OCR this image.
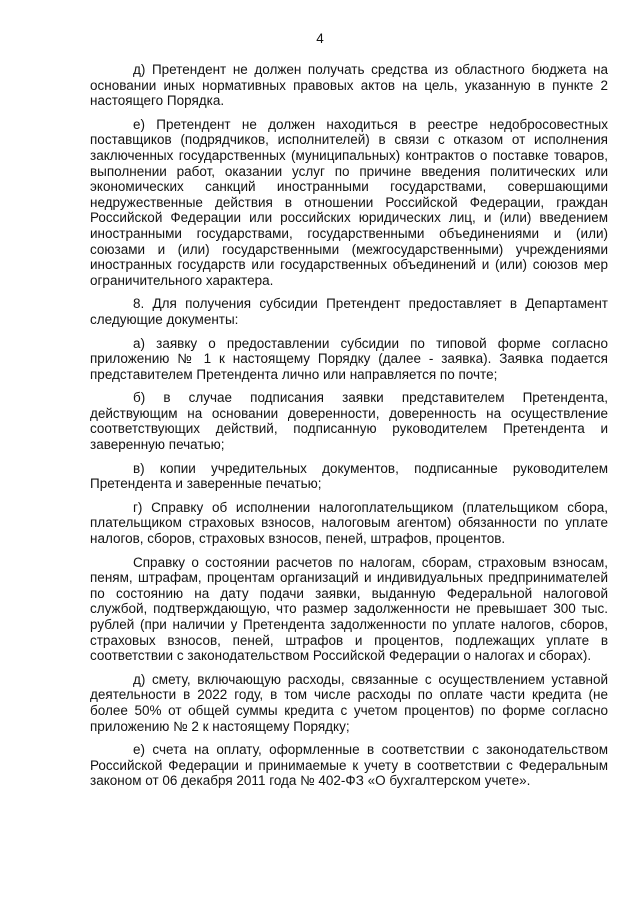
4

д) Претендент не должен получать средства из областного бюджета на основании иных нормативных правовых актов на цель, указанную в пункте 2 настоящего Порядка.

е) Претендент не должен находиться в реестре недобросовестных поставщиков (подрядчиков, исполнителей) в связи с отказом от исполнения заключенных государственных (муниципальных) контрактов о поставке товаров, выполнении работ, оказании услуг по причине введения политических или экономических санкций иностранными государствами, совершающими недружественные действия в отношении Российской Федерации, граждан Российской Федерации или российских юридических лиц, и (или) введением иностранными государствами, государственными объединениями и (или) союзами и (или) государственными (межгосударственными) учреждениями иностранных государств или государственных объединений и (или) союзов мер ограничительного характера.

8. Для получения субсидии Претендент предоставляет в Департамент следующие документы:

а) заявку о предоставлении субсидии по типовой форме согласно приложению № 1 к настоящему Порядку (далее - заявка). Заявка подается представителем Претендента лично или направляется по почте;

б) в случае подписания заявки представителем Претендента, действующим на основании доверенности, доверенность на осуществление соответствующих действий, подписанную руководителем Претендента и заверенную печатью;

в) копии учредительных документов, подписанные руководителем Претендента и заверенные печатью;

г) Справку об исполнении налогоплательщиком (плательщиком сбора, плательщиком страховых взносов, налоговым агентом) обязанности по уплате налогов, сборов, страховых взносов, пеней, штрафов, процентов.

Справку о состоянии расчетов по налогам, сборам, страховым взносам, пеням, штрафам, процентам организаций и индивидуальных предпринимателей по состоянию на дату подачи заявки, выданную Федеральной налоговой службой, подтверждающую, что размер задолженности не превышает 300 тыс. рублей (при наличии у Претендента задолженности по уплате налогов, сборов, страховых взносов, пеней, штрафов и процентов, подлежащих уплате в соответствии с законодательством Российской Федерации о налогах и сборах).

д) смету, включающую расходы, связанные с осуществлением уставной деятельности в 2022 году, в том числе расходы по оплате части кредита (не более 50% от общей суммы кредита с учетом процентов) по форме согласно приложению № 2 к настоящему Порядку;

е) счета на оплату, оформленные в соответствии с законодательством Российской Федерации и принимаемые к учету в соответствии с Федеральным законом от 06 декабря 2011 года № 402-ФЗ «О бухгалтерском учете».
